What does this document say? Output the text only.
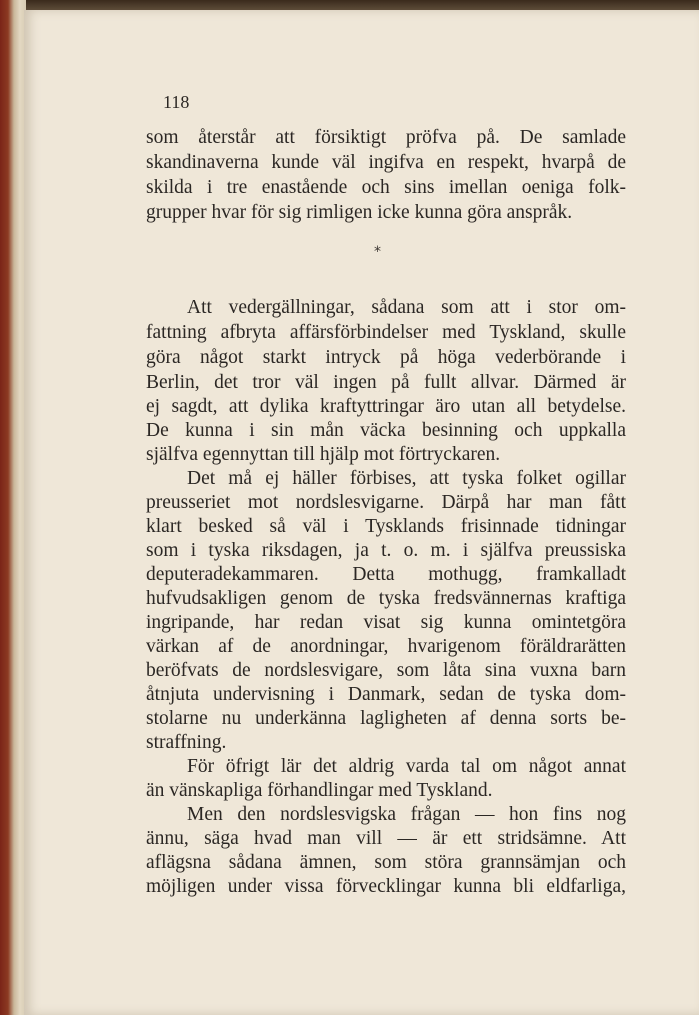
118
som återstår att försiktigt pröfva på. De samlade
skandinaverna kunde väl ingifva en respekt, hvarpå de
skilda i tre enastående och sins imellan oeniga folk-
grupper hvar för sig rimligen icke kunna göra anspråk.
*
Att vedergällningar, sådana som att i stor om-
fattning afbryta affärsförbindelser med Tyskland, skulle
göra något starkt intryck på höga vederbörande i
Berlin, det tror väl ingen på fullt allvar. Därmed är
ej sagdt, att dylika kraftyttringar äro utan all betydelse.
De kunna i sin mån väcka besinning och uppkalla
själfva egennyttan till hjälp mot förtryckaren.
Det må ej häller förbises, att tyska folket ogillar
preusseriet mot nordslesvigarne. Därpå har man fått
klart besked så väl i Tysklands frisinnade tidningar
som i tyska riksdagen, ja t. o. m. i själfva preussiska
deputeradekammaren. Detta mothugg, framkalladt
hufvudsakligen genom de tyska fredsvännernas kraftiga
ingripande, har redan visat sig kunna omintetgöra
värkan af de anordningar, hvarigenom föräldrarätten
beröfvats de nordslesvigare, som låta sina vuxna barn
åtnjuta undervisning i Danmark, sedan de tyska dom-
stolarne nu underkänna lagligheten af denna sorts be-
straffning.
För öfrigt lär det aldrig varda tal om något annat
än vänskapliga förhandlingar med Tyskland.
Men den nordslesvigska frågan — hon fins nog
ännu, säga hvad man vill — är ett stridsämne. Att
aflägsna sådana ämnen, som störa grannsämjan och
möjligen under vissa förvecklingar kunna bli eldfarliga,
